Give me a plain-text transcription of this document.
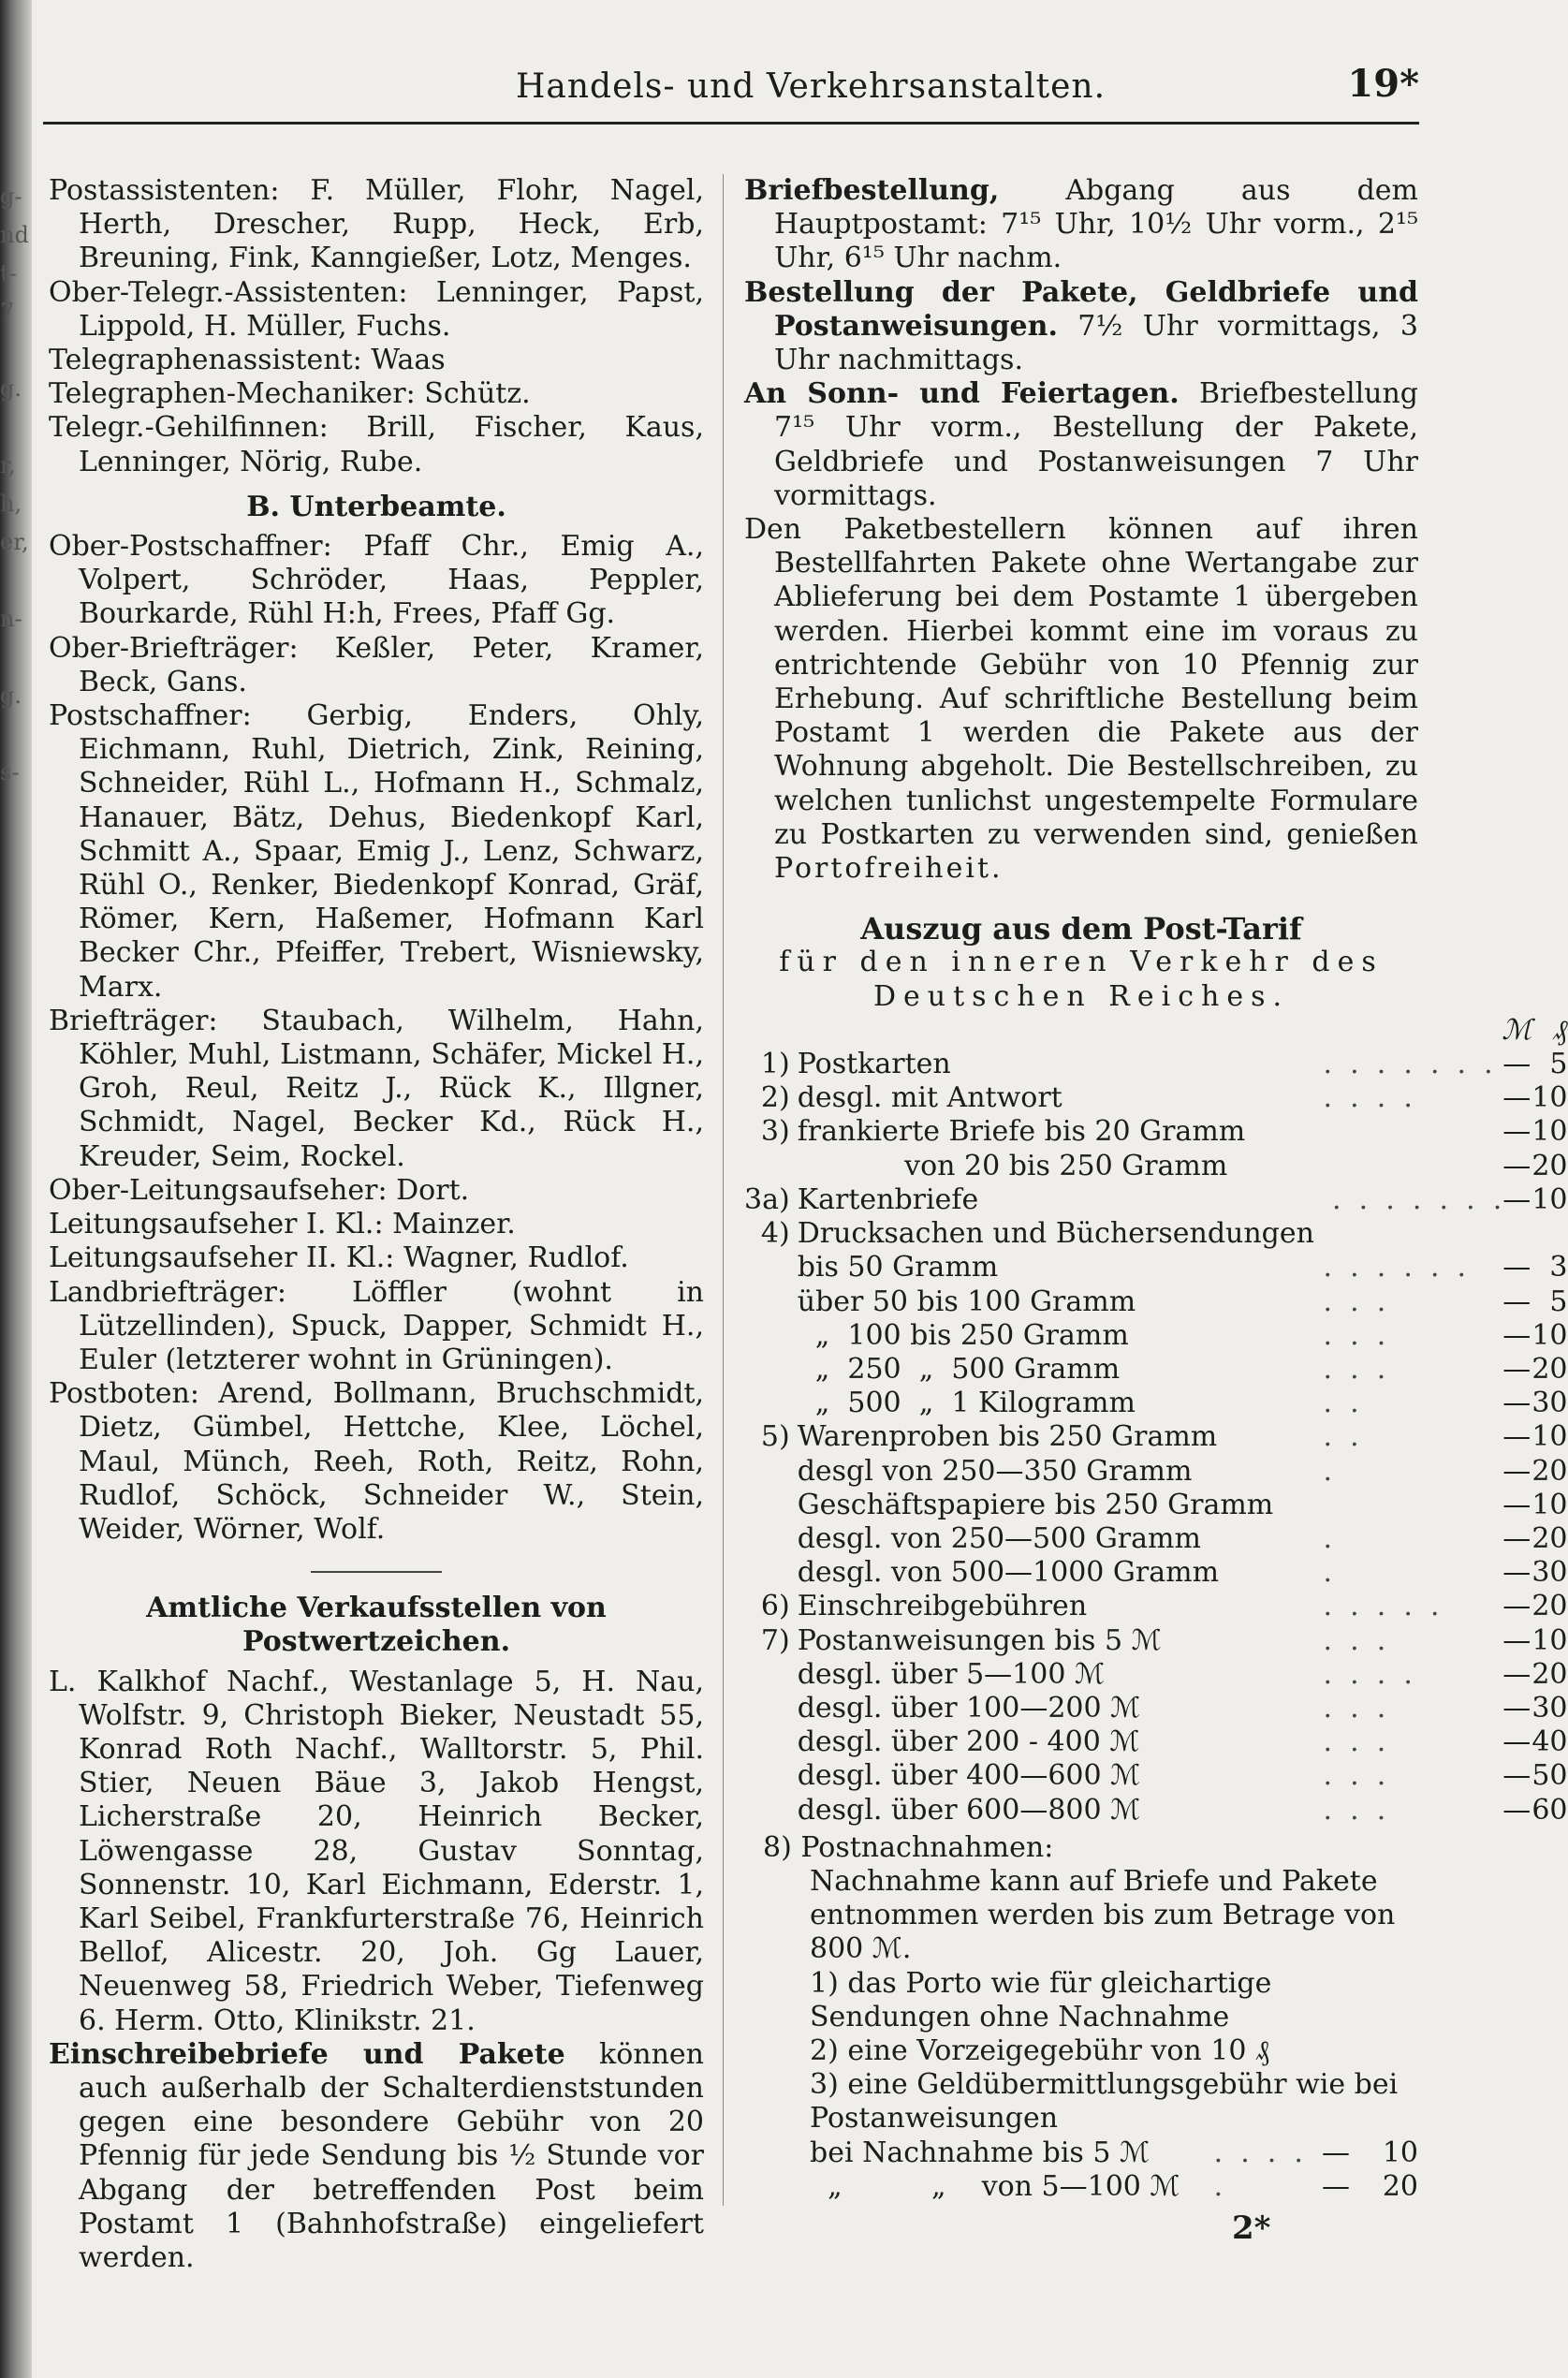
g-
nd
t-
7
g.
r,
h,
er,
n-
g.
s-
Handels- und Verkehrsanstalten.	19*

Postassistenten: F. Müller, Flohr, Nagel, Herth, Drescher, Rupp, Heck, Erb, Breuning, Fink, Kanngießer, Lotz, Menges.

Ober-Telegr.-Assistenten: Lenninger, Papst, Lippold, H. Müller, Fuchs.

Telegraphenassistent: Waas

Telegraphen-Mechaniker: Schütz.

Telegr.-Gehilfinnen: Brill, Fischer, Kaus, Lenninger, Nörig, Rube.

B. Unterbeamte.

Ober-Postschaffner: Pfaff Chr., Emig A., Volpert, Schröder, Haas, Peppler, Bourkarde, Rühl H:h, Frees, Pfaff Gg.

Ober-Briefträger: Keßler, Peter, Kramer, Beck, Gans.

Postschaffner: Gerbig, Enders, Ohly, Eichmann, Ruhl, Dietrich, Zink, Reining, Schneider, Rühl L., Hofmann H., Schmalz, Hanauer, Bätz, Dehus, Biedenkopf Karl, Schmitt A., Spaar, Emig J., Lenz, Schwarz, Rühl O., Renker, Biedenkopf Konrad, Gräf, Römer, Kern, Haßemer, Hofmann Karl Becker Chr., Pfeiffer, Trebert, Wisniewsky, Marx.

Briefträger: Staubach, Wilhelm, Hahn, Köhler, Muhl, Listmann, Schäfer, Mickel H., Groh, Reul, Reitz J., Rück K., Illgner, Schmidt, Nagel, Becker Kd., Rück H., Kreuder, Seim, Rockel.

Ober-Leitungsaufseher: Dort.

Leitungsaufseher I. Kl.: Mainzer.

Leitungsaufseher II. Kl.: Wagner, Rudlof.

Landbriefträger: Löffler (wohnt in Lützellinden), Spuck, Dapper, Schmidt H., Euler (letzterer wohnt in Grüningen).

Postboten: Arend, Bollmann, Bruchschmidt, Dietz, Gümbel, Hettche, Klee, Löchel, Maul, Münch, Reeh, Roth, Reitz, Rohn, Rudlof, Schöck, Schneider W., Stein, Weider, Wörner, Wolf.

Amtliche Verkaufsstellen von Postwertzeichen.

L. Kalkhof Nachf., Westanlage 5, H. Nau, Wolfstr. 9, Christoph Bieker, Neustadt 55, Konrad Roth Nachf., Walltorstr. 5, Phil. Stier, Neuen Bäue 3, Jakob Hengst, Licherstraße 20, Heinrich Becker, Löwengasse 28, Gustav Sonntag, Sonnenstr. 10, Karl Eichmann, Ederstr. 1, Karl Seibel, Frankfurterstraße 76, Heinrich Bellof, Alicestr. 20, Joh. Gg Lauer, Neuenweg 58, Friedrich Weber, Tiefenweg 6. Herm. Otto, Klinikstr. 21.

Einschreibebriefe und Pakete können auch außerhalb der Schalterdienststunden gegen eine besondere Gebühr von 20 Pfennig für jede Sendung bis ½ Stunde vor Abgang der betreffenden Post beim Postamt 1 (Bahnhofstraße) eingeliefert werden.

Briefbestellung, Abgang aus dem Hauptpostamt: 7¹⁵ Uhr, 10½ Uhr vorm., 2¹⁵ Uhr, 6¹⁵ Uhr nachm.

Bestellung der Pakete, Geldbriefe und Postanweisungen. 7½ Uhr vormittags, 3 Uhr nachmittags.

An Sonn- und Feiertagen. Briefbestellung 7¹⁵ Uhr vorm., Bestellung der Pakete, Geldbriefe und Postanweisungen 7 Uhr vormittags.

Den Paketbestellern können auf ihren Bestellfahrten Pakete ohne Wertangabe zur Ablieferung bei dem Postamte 1 übergeben werden. Hierbei kommt eine im voraus zu entrichtende Gebühr von 10 Pfennig zur Erhebung. Auf schriftliche Bestellung beim Postamt 1 werden die Pakete aus der Wohnung abgeholt. Die Bestellschreiben, zu welchen tunlichst ungestempelte Formulare zu Postkarten zu verwenden sind, genießen Portofreiheit.

Auszug aus dem Post-Tarif

für den inneren Verkehr des

Deutschen Reiches.

			ℳ	₰
1)	Postkarten	.  .  .  .  .  .  .	—	5
2)	desgl. mit Antwort	.  .  .  .	—	10
3)	frankierte Briefe bis 20 Gramm		—	10
	von 20 bis 250 Gramm		—	20
3a)	Kartenbriefe	.  .  .  .  .  .  .	—	10
4)	Drucksachen und Büchersendungen			
	bis 50 Gramm	.  .  .  .  .  .	—	3
	über 50 bis 100 Gramm	.  .  .	—	5
	„  100 bis 250 Gramm	.  .  .	—	10
	„  250  „  500 Gramm	.  .  .	—	20
	„  500  „  1 Kilogramm	.  .	—	30
5)	Warenproben bis 250 Gramm	.  .	—	10
	desgl von 250—350 Gramm	.	—	20
	Geschäftspapiere bis 250 Gramm		—	10
	desgl. von 250—500 Gramm	.	—	20
	desgl. von 500—1000 Gramm	.	—	30
6)	Einschreibgebühren	.  .  .  .  .	—	20
7)	Postanweisungen bis 5 ℳ	.  .  .	—	10
	desgl. über 5—100 ℳ	.  .  .  .	—	20
	desgl. über 100—200 ℳ	.  .  .	—	30
	desgl. über 200 - 400 ℳ	.  .  .	—	40
	desgl. über 400—600 ℳ	.  .  .	—	50
	desgl. über 600—800 ℳ	.  .  .	—	60

8) Postnachnahmen:

Nachnahme kann auf Briefe und Pakete entnommen werden bis zum Betrage von 800 ℳ.

1) das Porto wie für gleichartige Sendungen ohne Nachnahme

2) eine Vorzeigegebühr von 10 ₰

3) eine Geldübermittlungsgebühr wie bei Postanweisungen

bei Nachnahme bis 5 ℳ	.  .  .  .	—	10
„          „    von 5—100 ℳ	.	—	20
2*
